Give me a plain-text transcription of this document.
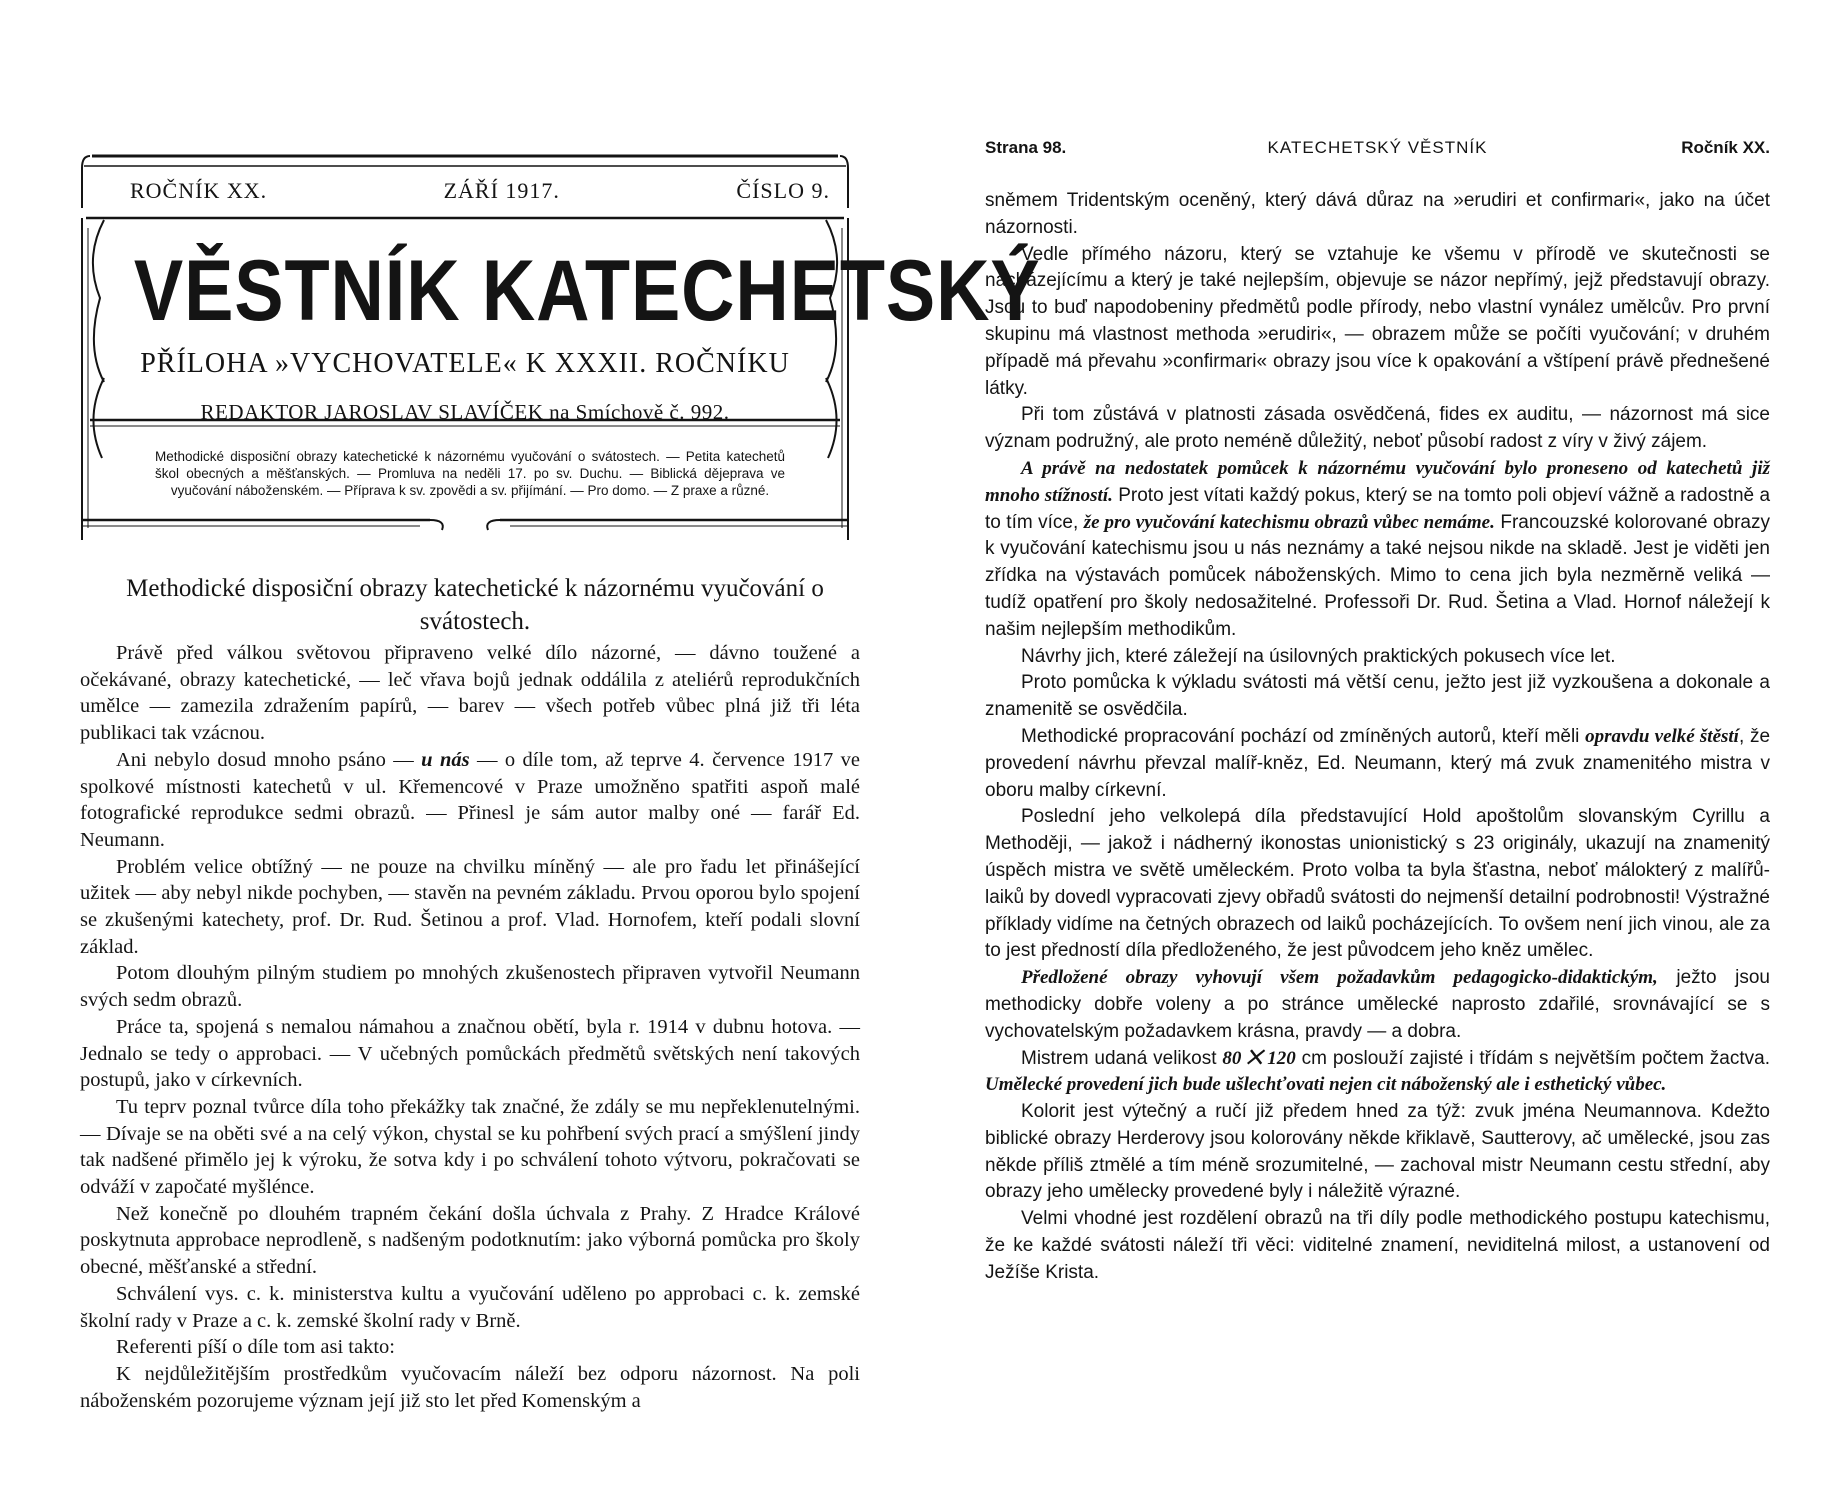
ROČNÍK XX.	ZÁŘÍ 1917.	ČÍSLO 9.
VĚSTNÍK KATECHETSKÝ
PŘÍLOHA »VYCHOVATELE« K XXXII. ROČNÍKU
REDAKTOR JAROSLAV SLAVÍČEK na Smíchově č. 992.
Methodické disposiční obrazy katechetické k názornému vyučování o svátostech. — Petita katechetů škol obecných a měšťanských. — Promluva na neděli 17. po sv. Duchu. — Biblická dějeprava ve vyučování náboženském. — Příprava k sv. zpovědi a sv. přijímání. — Pro domo. — Z praxe a různé.
Methodické disposiční obrazy katechetické k názornému vyučování o svátostech.

Právě před válkou světovou připraveno velké dílo názorné, — dávno toužené a očekávané, obrazy katechetické, — leč vřava bojů jednak oddálila z ateliérů reprodukčních umělce — zamezila zdražením papírů, — barev — všech potřeb vůbec plná již tři léta publikaci tak vzácnou.

Ani nebylo dosud mnoho psáno — u nás — o díle tom, až teprve 4. července 1917 ve spolkové místnosti katechetů v ul. Křemencové v Praze umožněno spatřiti aspoň malé fotografické reprodukce sedmi obrazů. — Přinesl je sám autor malby oné — farář Ed. Neumann.

Problém velice obtížný — ne pouze na chvilku míněný — ale pro řadu let přinášející užitek — aby nebyl nikde pochyben, — stavěn na pevném základu. Prvou oporou bylo spojení se zkušenými katechety, prof. Dr. Rud. Šetinou a prof. Vlad. Hornofem, kteří podali slovní základ.

Potom dlouhým pilným studiem po mnohých zkušenostech připraven vytvořil Neumann svých sedm obrazů.

Práce ta, spojená s nemalou námahou a značnou obětí, byla r. 1914 v dubnu hotova. — Jednalo se tedy o approbaci. — V učebných pomůckách předmětů světských není takových postupů, jako v církevních.

Tu teprv poznal tvůrce díla toho překážky tak značné, že zdály se mu nepřeklenutelnými. — Dívaje se na oběti své a na celý výkon, chystal se ku pohřbení svých prací a smýšlení jindy tak nadšené přimělo jej k výroku, že sotva kdy i po schválení tohoto výtvoru, pokračovati se odváží v započaté myšlénce.

Než konečně po dlouhém trapném čekání došla úchvala z Prahy. Z Hradce Králové poskytnuta approbace neprodleně, s nadšeným podotknutím: jako výborná pomůcka pro školy obecné, měšťanské a střední.

Schválení vys. c. k. ministerstva kultu a vyučování uděleno po approbaci c. k. zemské školní rady v Praze a c. k. zemské školní rady v Brně.

Referenti píší o díle tom asi takto:

K nejdůležitějším prostředkům vyučovacím náleží bez odporu názornost. Na poli náboženském pozorujeme význam její již sto let před Komenským a

Strana 98.	KATECHETSKÝ VĚSTNÍK	Ročník XX.

sněmem Tridentským oceněný, který dává důraz na »erudiri et confirmari«, jako na účet názornosti.

Vedle přímého názoru, který se vztahuje ke všemu v přírodě ve skutečnosti se nacházejícímu a který je také nejlepším, objevuje se názor nepřímý, jejž představují obrazy. Jsou to buď napodobeniny předmětů podle přírody, nebo vlastní vynález umělcův. Pro první skupinu má vlastnost methoda »erudiri«, — obrazem může se počíti vyučování; v druhém případě má převahu »confirmari« obrazy jsou více k opakování a vštípení právě přednešené látky.

Při tom zůstává v platnosti zásada osvědčená, fides ex auditu, — názornost má sice význam podružný, ale proto neméně důležitý, neboť působí radost z víry v živý zájem.

A právě na nedostatek pomůcek k názornému vyučování bylo proneseno od katechetů již mnoho stížností. Proto jest vítati každý pokus, který se na tomto poli objeví vážně a radostně a to tím více, že pro vyučování katechismu obrazů vůbec nemáme. Francouzské kolorované obrazy k vyučování katechismu jsou u nás neznámy a také nejsou nikde na skladě. Jest je viděti jen zřídka na výstavách pomůcek náboženských. Mimo to cena jich byla nezměrně veliká — tudíž opatření pro školy nedosažitelné. Professoři Dr. Rud. Šetina a Vlad. Hornof náležejí k našim nejlepším methodikům.

Návrhy jich, které záležejí na úsilovných praktických pokusech více let.

Proto pomůcka k výkladu svátosti má větší cenu, ježto jest již vyzkoušena a dokonale a znamenitě se osvědčila.

Methodické propracování pochází od zmíněných autorů, kteří měli opravdu velké štěstí, že provedení návrhu převzal malíř-kněz, Ed. Neumann, který má zvuk znamenitého mistra v oboru malby církevní.

Poslední jeho velkolepá díla představující Hold apoštolům slovanským Cyrillu a Methoději, — jakož i nádherný ikonostas unionistický s 23 originály, ukazují na znamenitý úspěch mistra ve světě uměleckém. Proto volba ta byla šťastna, neboť málokterý z malířů-laiků by dovedl vypracovati zjevy obřadů svátosti do nejmenší detailní podrobnosti! Výstražné příklady vidíme na četných obrazech od laiků pocházejících. To ovšem není jich vinou, ale za to jest předností díla předloženého, že jest původcem jeho kněz umělec.

Předložené obrazy vyhovují všem požadavkům pedagogicko-didaktickým, ježto jsou methodicky dobře voleny a po stránce umělecké naprosto zdařilé, srovnávající se s vychovatelským požadavkem krásna, pravdy — a dobra.

Mistrem udaná velikost 80 ⨉ 120 cm poslouží zajisté i třídám s největším počtem žactva. Umělecké provedení jich bude ušlechťovati nejen cit náboženský ale i esthetický vůbec.

Kolorit jest výtečný a ručí již předem hned za týž: zvuk jména Neumannova. Kdežto biblické obrazy Herderovy jsou kolorovány někde křiklavě, Sautterovy, ač umělecké, jsou zas někde příliš ztmělé a tím méně srozumitelné, — zachoval mistr Neumann cestu střední, aby obrazy jeho umělecky provedené byly i náležitě výrazné.

Velmi vhodné jest rozdělení obrazů na tři díly podle methodického postupu katechismu, že ke každé svátosti náleží tři věci: viditelné znamení, neviditelná milost, a ustanovení od Ježíše Krista.
